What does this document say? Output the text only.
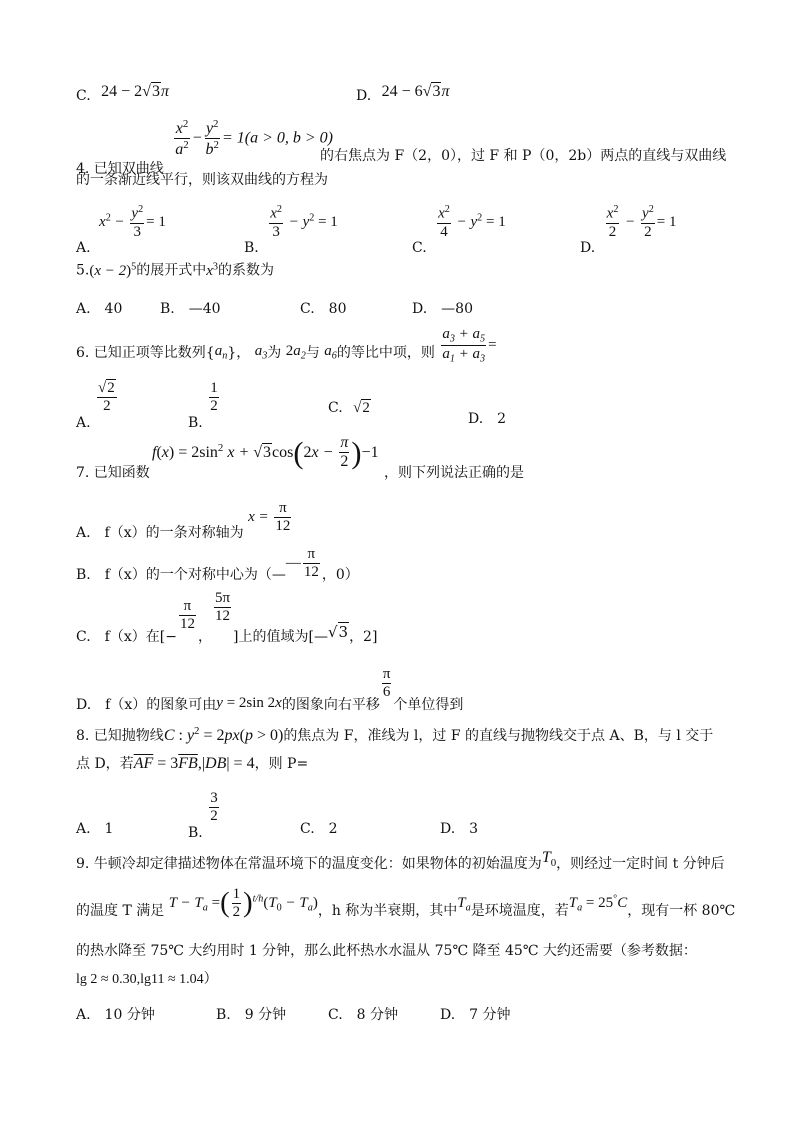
C. 24 − 2√3π	D. 24 − 6√3π
4. 已知双曲线
$\frac{x^2}{a^2} - \frac{y^2}{b^2} = 1(a > 0$, b > 0)
的右焦点为 F（2，0），过 F 和 P（0，2b）两点的直线与双曲线
的一条渐近线平行，则该双曲线的方程为
A. $x^2 - \frac{y^2}{3} = 1$
B.
$\frac{x^2}{3} - y^2 = 1$
C.
$\frac{x^2}{4} - y^2 = 1$
D.
$\frac{x^2}{2} - \frac{y^2}{2} = 1$
$5.(x - 2)^5$的展开式中$x^3$的系数为
A.　40	B.　—40	C.　80	D.　—80
6. 已知正项等比数列$\{a_n\}$， $a_3$为 $2a_2$与 $a_6$的等比中项，则 $\frac{a_3 + a_5}{a_1 + a_3}$ =
A.
$\frac{√2}{2}$
B.
$\frac{1}{2}$	C. √2
D.　2
$f(x) = 2\sin^2$ $x + √3\cos(2x - \frac{\pi}{2} )-1$
7. 已知函数	，则下列说法正确的是
A.　f（x）的一条对称轴为 $x = \frac{\pi}{12}$
B.　f（x）的一个对称中心为（—— $\frac{\pi}{12}$ ，0）
C.　f（x）在[−
$\frac{\pi}{12}$
，
$\frac{5\pi}{12}$
]上的值域为[—√3，2]
D.　f（x）的图象可由y = 2sin 2x的图象向右平移
$\frac{\pi}{6}$
个单位得到
8. 已知抛物线C : $y^2 = 2px(p > 0)$的焦点为 F，准线为 l，过 F 的直线与抛物线交于点 A、B，与 l 交于
点 D，若$\overline{AF} = 3\overline{FB},|DB| = 4$，则 P=
A.　1	B.
$\frac{3}{2}$
C.　2	D.　3
9. 牛顿冷却定律描述物体在常温环境下的温度变化：如果物体的初始温度为$T_0$，则经过一定时间 t 分钟后
的温度 T 满足 $T - T_a$ =( $\frac{1}{2} )^{t/h}(T_0 - T_a)$，h 称为半衰期，其中$T_a$是环境温度，若$T_a = 25^\circ C$，现有一杯 80℃
的热水降至 75℃ 大约用时 1 分钟，那么此杯热水水温从 75℃ 降至 45℃ 大约还需要（参考数据：
lg 2 ≈ 0.30,lg11 ≈ 1.04）
A.　10 分钟	B.　9 分钟	C.　8 分钟	D.　7 分钟
